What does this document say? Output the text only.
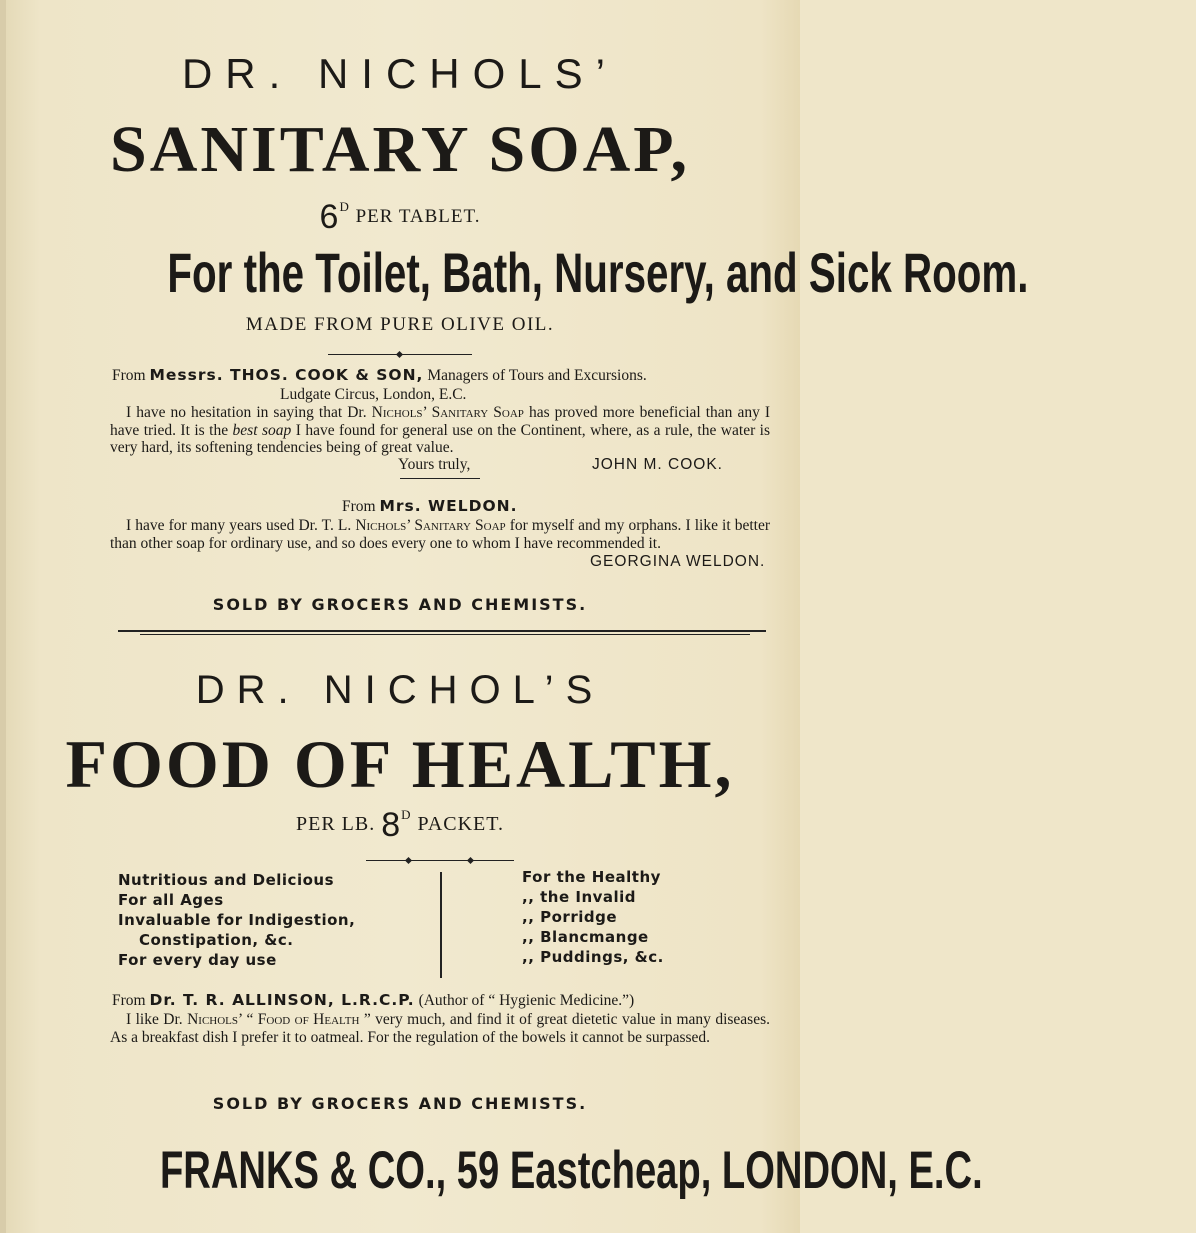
DR. NICHOLS’
SANITARY SOAP,
$6^D$ PER TABLET.
For the Toilet, Bath, Nursery, and Sick Room.
MADE FROM PURE OLIVE OIL.
From Messrs. THOS. COOK & SON, Managers of Tours and Excursions.
Ludgate Circus, London, E.C.
I have no hesitation in saying that Dr. Nichols’ Sanitary Soap has proved more beneficial than any I have tried. It is the best soap I have found for general use on the Continent, where, as a rule, the water is very hard, its softening tendencies being of great value.
Yours truly,	JOHN M. COOK.
From Mrs. WELDON.
I have for many years used Dr. T. L. Nichols’ Sanitary Soap for myself and my orphans. I like it better than other soap for ordinary use, and so does every one to whom I have recommended it.
GEORGINA WELDON.
SOLD BY GROCERS AND CHEMISTS.
DR. NICHOL’S
FOOD OF HEALTH,
PER LB. $8^D$ PACKET.
Nutritious and Delicious
For all Ages
Invaluable for Indigestion,
Constipation, &c.
For every day use
For the Healthy
,, the Invalid
,, Porridge
,, Blancmange
,, Puddings, &c.
From Dr. T. R. ALLINSON, L.R.C.P. (Author of “ Hygienic Medicine.”)
I like Dr. Nichols’ “ Food of Health ” very much, and find it of great dietetic value in many diseases. As a breakfast dish I prefer it to oatmeal. For the regulation of the bowels it cannot be surpassed.
SOLD BY GROCERS AND CHEMISTS.
FRANKS & CO., 59 Eastcheap, LONDON, E.C.
